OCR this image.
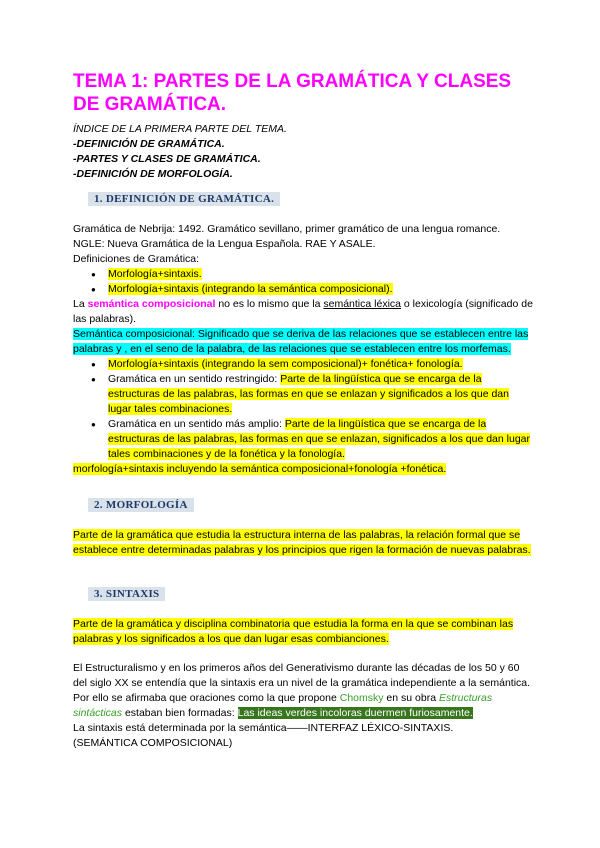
TEMA 1: PARTES DE LA GRAMÁTICA Y CLASES DE GRAMÁTICA.
ÍNDICE DE LA PRIMERA PARTE DEL TEMA.
-DEFINICIÓN DE GRAMÁTICA.
-PARTES Y CLASES DE GRAMÁTICA.
-DEFINICIÓN DE MORFOLOGÍA.
1. DEFINICIÓN DE GRAMÁTICA.

Gramática de Nebrija: 1492. Gramático sevillano, primer gramático de una lengua romance.

NGLE: Nueva Gramática de la Lengua Española. RAE Y ASALE.

Definiciones de Gramática:

● Morfología+sintaxis.
● Morfología+sintaxis (integrando la semántica composicional).

La semántica composicional no es lo mismo que la semántica léxica o lexicología (significado de las palabras).

Semántica composicional: Significado que se deriva de las relaciones que se establecen entre las palabras y , en el seno de la palabra, de las relaciones que se establecen entre los morfemas.

● Morfología+sintaxis (integrando la sem composicional)+ fonética+ fonología.
● Gramática en un sentido restringido: Parte de la lingüística que se encarga de la estructuras de las palabras, las formas en que se enlazan y significados a los que dan lugar tales combinaciones.
● Gramática en un sentido más amplio: Parte de la lingüística que se encarga de la estructuras de las palabras, las formas en que se enlazan, significados a los que dan lugar tales combinaciones y de la fonética y la fonología.

morfología+sintaxis incluyendo la semántica composicional+fonología +fonética.

2. MORFOLOGÍA

Parte de la gramática que estudia la estructura interna de las palabras, la relación formal que se establece entre determinadas palabras y los principios que rigen la formación de nuevas palabras.

3. SINTAXIS

Parte de la gramática y disciplina combinatoria que estudia la forma en la que se combinan las palabras y los significados a los que dan lugar esas combianciones.

El Estructuralismo y en los primeros años del Generativismo durante las décadas de los 50 y 60 del siglo XX se entendía que la sintaxis era un nivel de la gramática independiente a la semántica.

Por ello se afirmaba que oraciones como la que propone Chomsky en su obra Estructuras sintácticas estaban bien formadas: Las ideas verdes incoloras duermen furiosamente.

La sintaxis está determinada por la semántica——INTERFAZ LÉXICO-SINTAXIS.

(SEMÁNTICA COMPOSICIONAL)
